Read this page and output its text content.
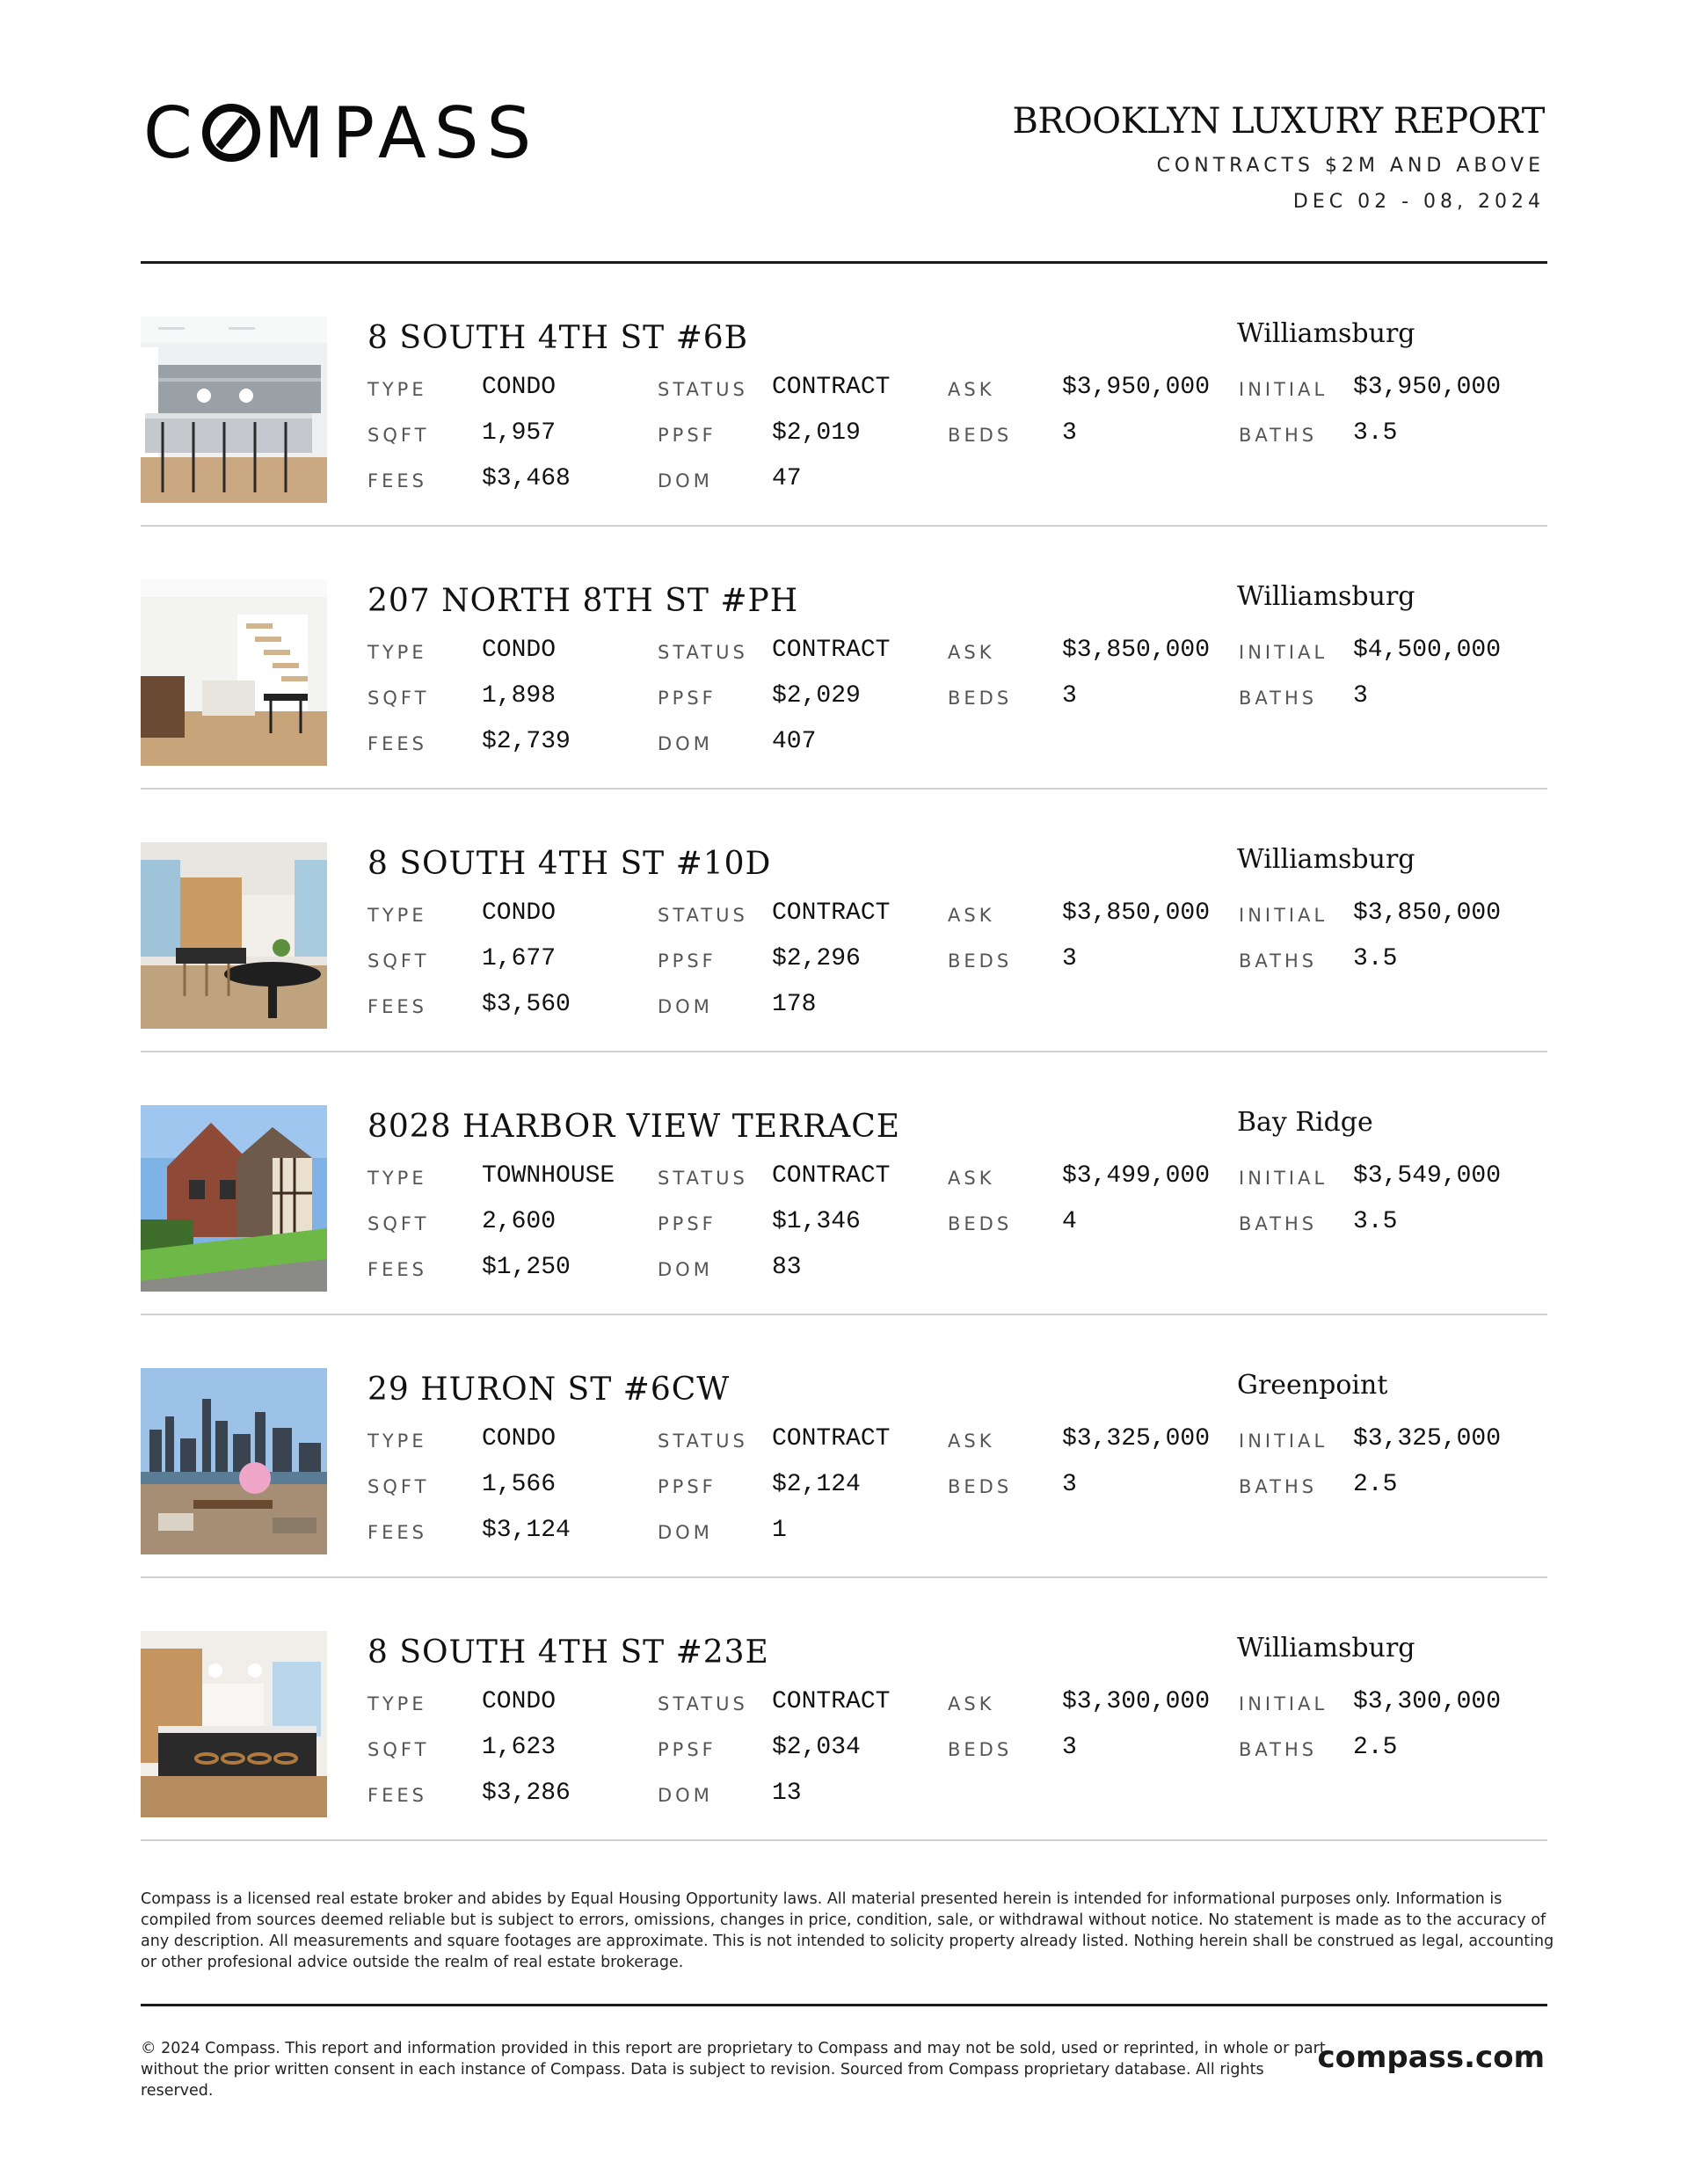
C MPASS	BROOKLYN LUXURY REPORT
CONTRACTS $2M AND ABOVE
DEC 02 - 08, 2024
8 SOUTH 4TH ST #6B	Williamsburg
TYPE CONDO
SQFT 1,957
FEES $3,468
STATUS CONTRACT
PPSF $2,019
DOM 47
ASK	$3,950,000
BEDS 3
INITIAL $3,950,000
BATHS 3.5
207 NORTH 8TH ST #PH	Williamsburg
TYPE CONDO
SQFT 1,898
FEES $2,739
STATUS CONTRACT
PPSF $2,029
DOM 407
ASK	$3,850,000
BEDS 3
INITIAL $4,500,000
BATHS 3
8 SOUTH 4TH ST #10D	Williamsburg
TYPE CONDO
SQFT 1,677
FEES $3,560
STATUS CONTRACT
PPSF $2,296
DOM 178
ASK	$3,850,000
BEDS 3
INITIAL $3,850,000
BATHS 3.5
8028 HARBOR VIEW TERRACE	Bay Ridge
TYPE TOWNHOUSE
SQFT 2,600
FEES $1,250
STATUS CONTRACT
PPSF $1,346
DOM 83
ASK	$3,499,000
BEDS 4
INITIAL $3,549,000
BATHS 3.5
29 HURON ST #6CW	Greenpoint
TYPE CONDO
SQFT 1,566
FEES $3,124
STATUS CONTRACT
PPSF $2,124
DOM 1
ASK	$3,325,000
BEDS 3
INITIAL $3,325,000
BATHS 2.5
8 SOUTH 4TH ST #23E	Williamsburg
TYPE CONDO
SQFT 1,623
FEES $3,286
STATUS CONTRACT
PPSF $2,034
DOM 13
ASK	$3,300,000
BEDS 3
INITIAL $3,300,000
BATHS 2.5
Compass is a licensed real estate broker and abides by Equal Housing Opportunity laws. All material presented herein is intended for informational purposes only. Information is compiled from sources deemed reliable but is subject to errors, omissions, changes in price, condition, sale, or withdrawal without notice. No statement is made as to the accuracy of any description. All measurements and square footages are approximate. This is not intended to solicity property already listed. Nothing herein shall be construed as legal, accounting or other profesional advice outside the realm of real estate brokerage.
© 2024 Compass. This report and information provided in this report are proprietary to Compass and may not be sold, used or reprinted, in whole or part, without the prior written consent in each instance of Compass. Data is subject to revision. Sourced from Compass proprietary database. All rights reserved.
compass.com
